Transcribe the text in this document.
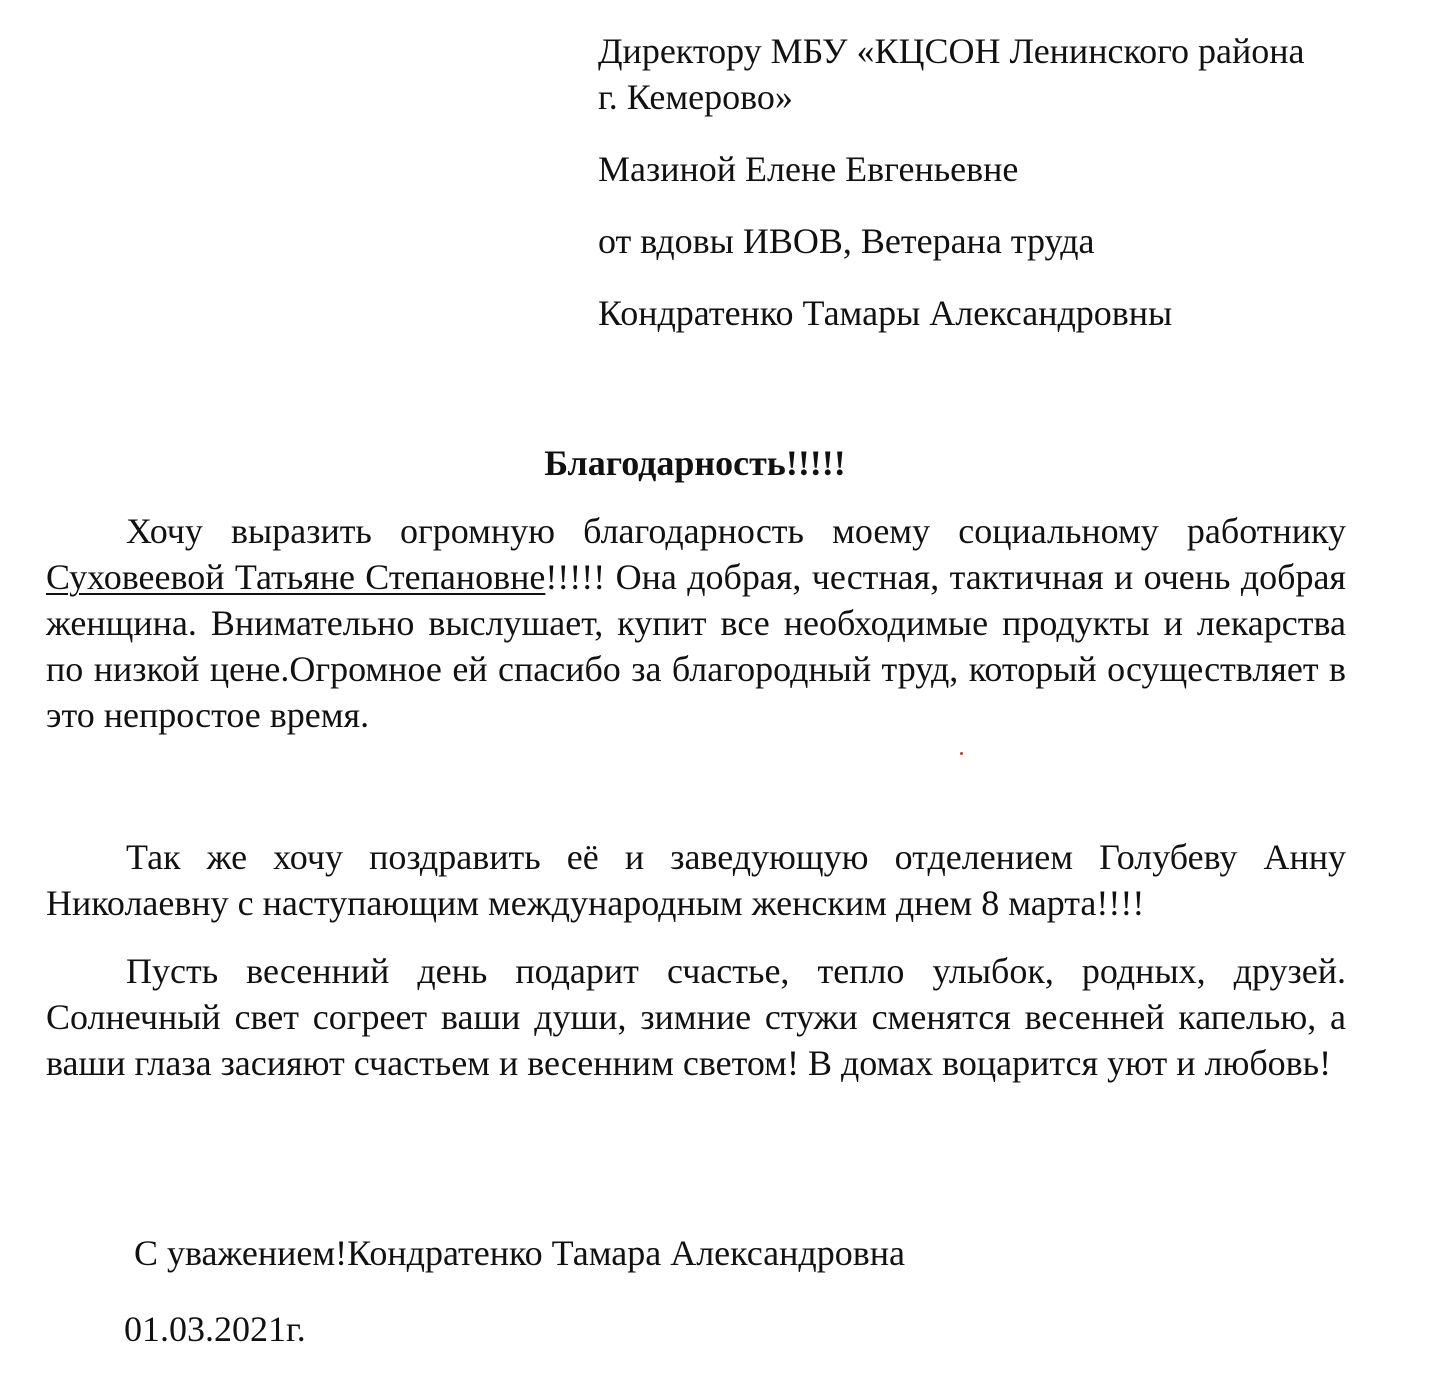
Директору МБУ «КЦСОН Ленинского района
г. Кемерово»
Мазиной Елене Евгеньевне
от вдовы ИВОВ, Ветерана труда
Кондратенко Тамары Александровны
Благодарность!!!!!

Хочу выразить огромную благодарность моему социальному работнику Суховеевой Татьяне Степановне!!!!! Она добрая, честная, тактичная и очень добрая женщина. Внимательно выслушает, купит все необходимые продукты и лекарства по низкой цене.Огромное ей спасибо за благородный труд, который осуществляет в это непростое время.

Так же хочу поздравить её и заведующую отделением Голубеву Анну Николаевну с наступающим международным женским днем 8 марта!!!!

Пусть весенний день подарит счастье, тепло улыбок, родных, друзей. Солнечный свет согреет ваши души, зимние стужи сменятся весенней капелью, а ваши глаза засияют счастьем и весенним светом! В домах воцарится уют и любовь!

С уважением!Кондратенко Тамара Александровна
01.03.2021г.
